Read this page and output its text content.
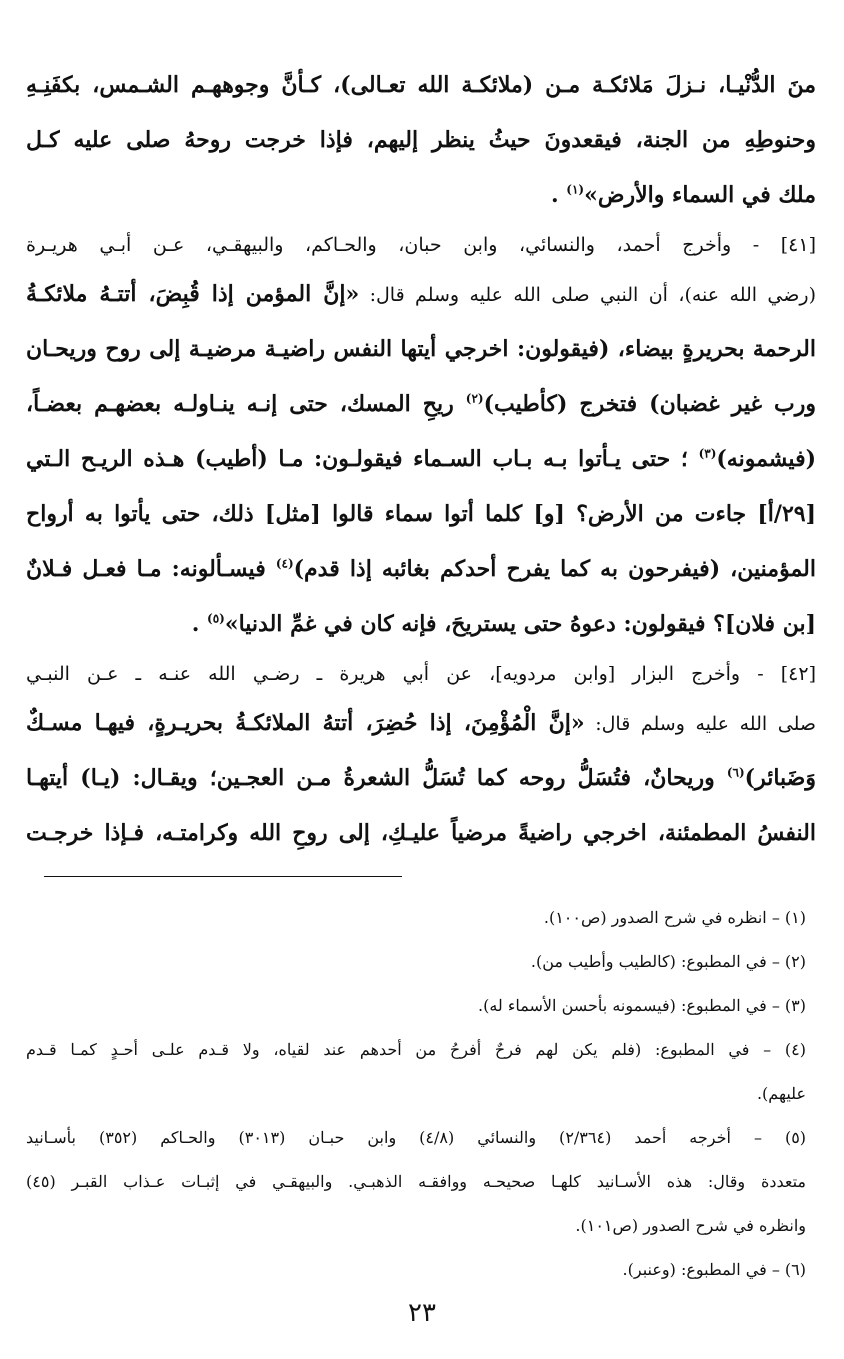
منَ الدُّنْيـا، نـزلَ مَلائكـة مـن (ملائكـة الله تعـالى)، كـأنَّ وجوههـم الشـمس، بكفَنِـهِ

وحنوطِهِ من الجنة، فيقعدونَ حيثُ ينظر إليهم، فإذا خرجت روحهُ صلى عليه كـل

ملك في السماء والأرض»$^{(١)}$ .

[٤١] - وأخرج أحمد، والنسائي، وابن حبان، والحـاكم، والبيهقـي، عـن أبـي هريـرة

(رضي الله عنه)، أن النبي صلى الله عليه وسلم قال: «إنَّ المؤمن إذا قُبِضَ، أتتـهُ ملائكـةُ

الرحمة بحريرةٍ بيضاء، (فيقولون: اخرجي أيتها النفس راضيـة مرضيـة إلى روح وريحـان

ورب غير غضبان) فتخرج (كأطيب)$^{(٢)}$ ريحِ المسك، حتى إنـه ينـاولـه بعضهـم بعضـاً،

(فيشمونه)$^{(٣)}$ ؛ حتى يـأتوا بـه بـاب السـماء فيقولـون: مـا (أطيب) هـذه الريـح الـتي

[٢٩/أ] جاءت من الأرض؟ [و] كلما أتوا سماء قالوا [مثل] ذلك، حتى يأتوا به أرواح

المؤمنين، (فيفرحون به كما يفرح أحدكم بغائبه إذا قدم)$^{(٤)}$ فيسـألونه: مـا فعـل فـلانٌ

[بن فلان]؟ فيقولون: دعوهُ حتى يستريحَ، فإنه كان في غمِّ الدنيا»$^{(٥)}$ .

[٤٢] - وأخرج البزار [وابن مردويه]، عن أبي هريرة ـ رضـي الله عنـه ـ عـن النبـي

صلى الله عليه وسلم قال: «إنَّ الْمُؤْمِنَ، إذا حُضِرَ، أتتهُ الملائكـةُ بحريـرةٍ، فيهـا مسـكٌ

وَضَبائر)$^{(٦)}$ وريحانٌ، فتُسَلُّ روحه كما تُسَلُّ الشعرةُ مـن العجـين؛ ويقـال: (يـا) أيتهـا

النفسُ المطمئنة، اخرجي راضيةً مرضياً عليـكِ، إلى روحِ الله وكرامتـه، فـإذا خرجـت

(١) – انظره في شرح الصدور (ص١٠٠).

(٢) – في المطبوع: (كالطيب وأطيب من).

(٣) – في المطبوع: (فيسمونه بأحسن الأسماء له).

(٤) – في المطبوع: (فلم يكن لهم فرحٌ أفرحُ من أحدهم عند لقياه، ولا قـدم علـى أحـدٍ كمـا قـدم

عليهم).

(٥) – أخرجه أحمد (٢/٣٦٤) والنسائي (٤/٨) وابن حبـان (٣٠١٣) والحـاكم (٣٥٢) بأسـانيد

متعددة وقال: هذه الأسـانيد كلهـا صحيحـه ووافقـه الذهبـي. والبيهقـي في إثبـات عـذاب القبـر (٤٥)

وانظره في شرح الصدور (ص١٠١).

(٦) – في المطبوع: (وعنبر).

٢٣
